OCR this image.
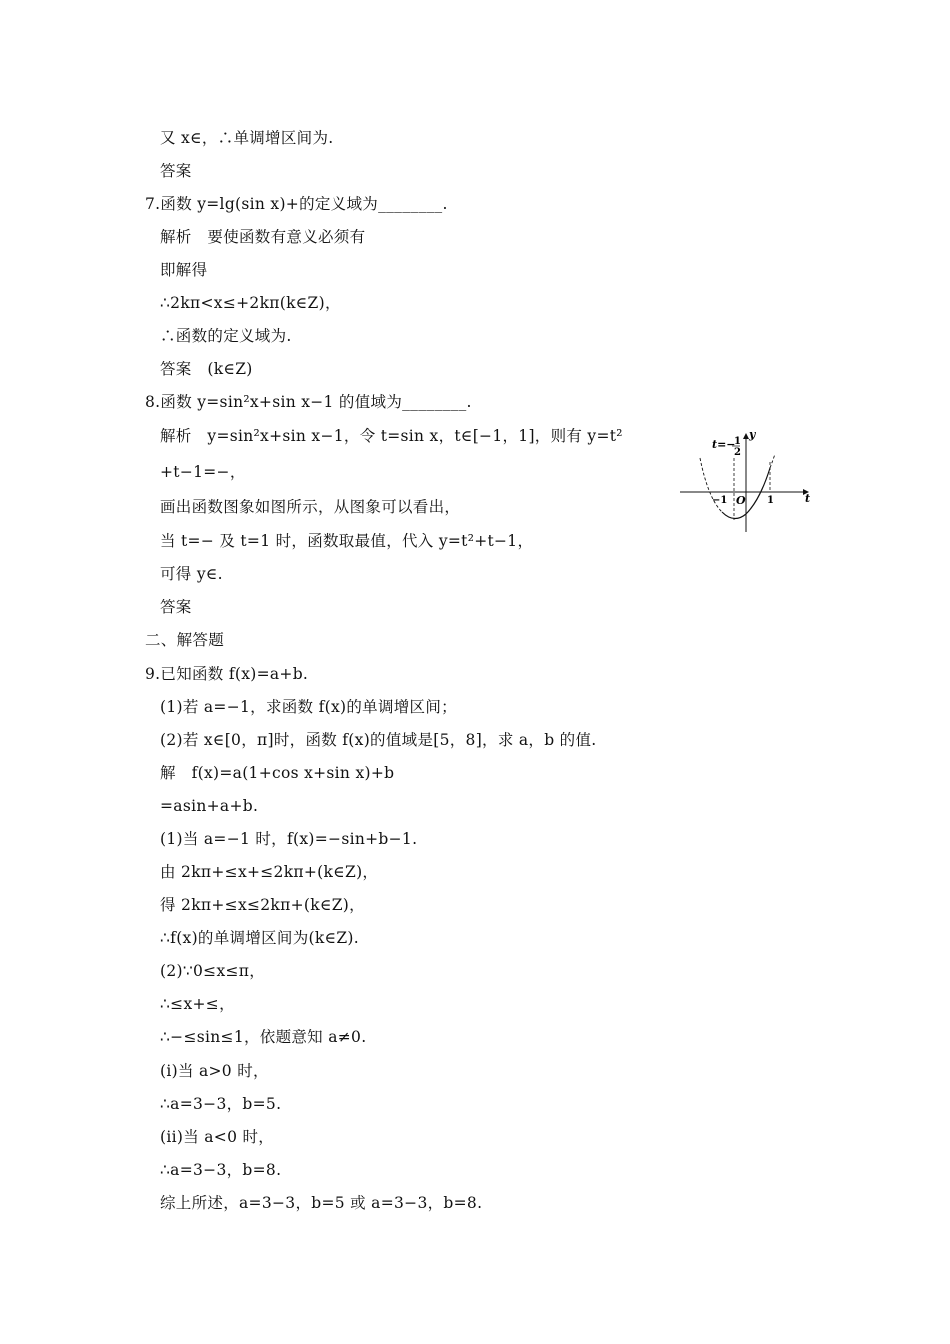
又 x∈，∴单调增区间为.
答案
7.函数 y=lg(sin x)+的定义域为________.
解析　要使函数有意义必须有
即解得
∴2kπ<x≤+2kπ(k∈Z)，
∴函数的定义域为.
答案　(k∈Z)
8.函数 y=sin²x+sin x−1 的值域为________.
解析　y=sin²x+sin x−1，令 t=sin x，t∈[−1，1]，则有 y=t²
+t−1=−，
画出函数图象如图所示，从图象可以看出，
当 t=− 及 t=1 时，函数取最值，代入 y=t²+t−1，
可得 y∈.
答案
二、解答题
9.已知函数 f(x)=a+b.
(1)若 a=−1，求函数 f(x)的单调增区间；
(2)若 x∈[0，π]时，函数 f(x)的值域是[5，8]，求 a，b 的值.
解　f(x)=a(1+cos x+sin x)+b
=asin+a+b.
(1)当 a=−1 时，f(x)=−sin+b−1.
由 2kπ+≤x+≤2kπ+(k∈Z)，
得 2kπ+≤x≤2kπ+(k∈Z)，
∴f(x)的单调增区间为(k∈Z).
(2)∵0≤x≤π，
∴≤x+≤，
∴−≤sin≤1，依题意知 a≠0.
(i)当 a>0 时，
∴a=3−3，b=5.
(ii)当 a<0 时，
∴a=3−3，b=8.
综上所述，a=3−3，b=5 或 a=3−3，b=8.
t=−
1
2
y
t
O
−1	1
